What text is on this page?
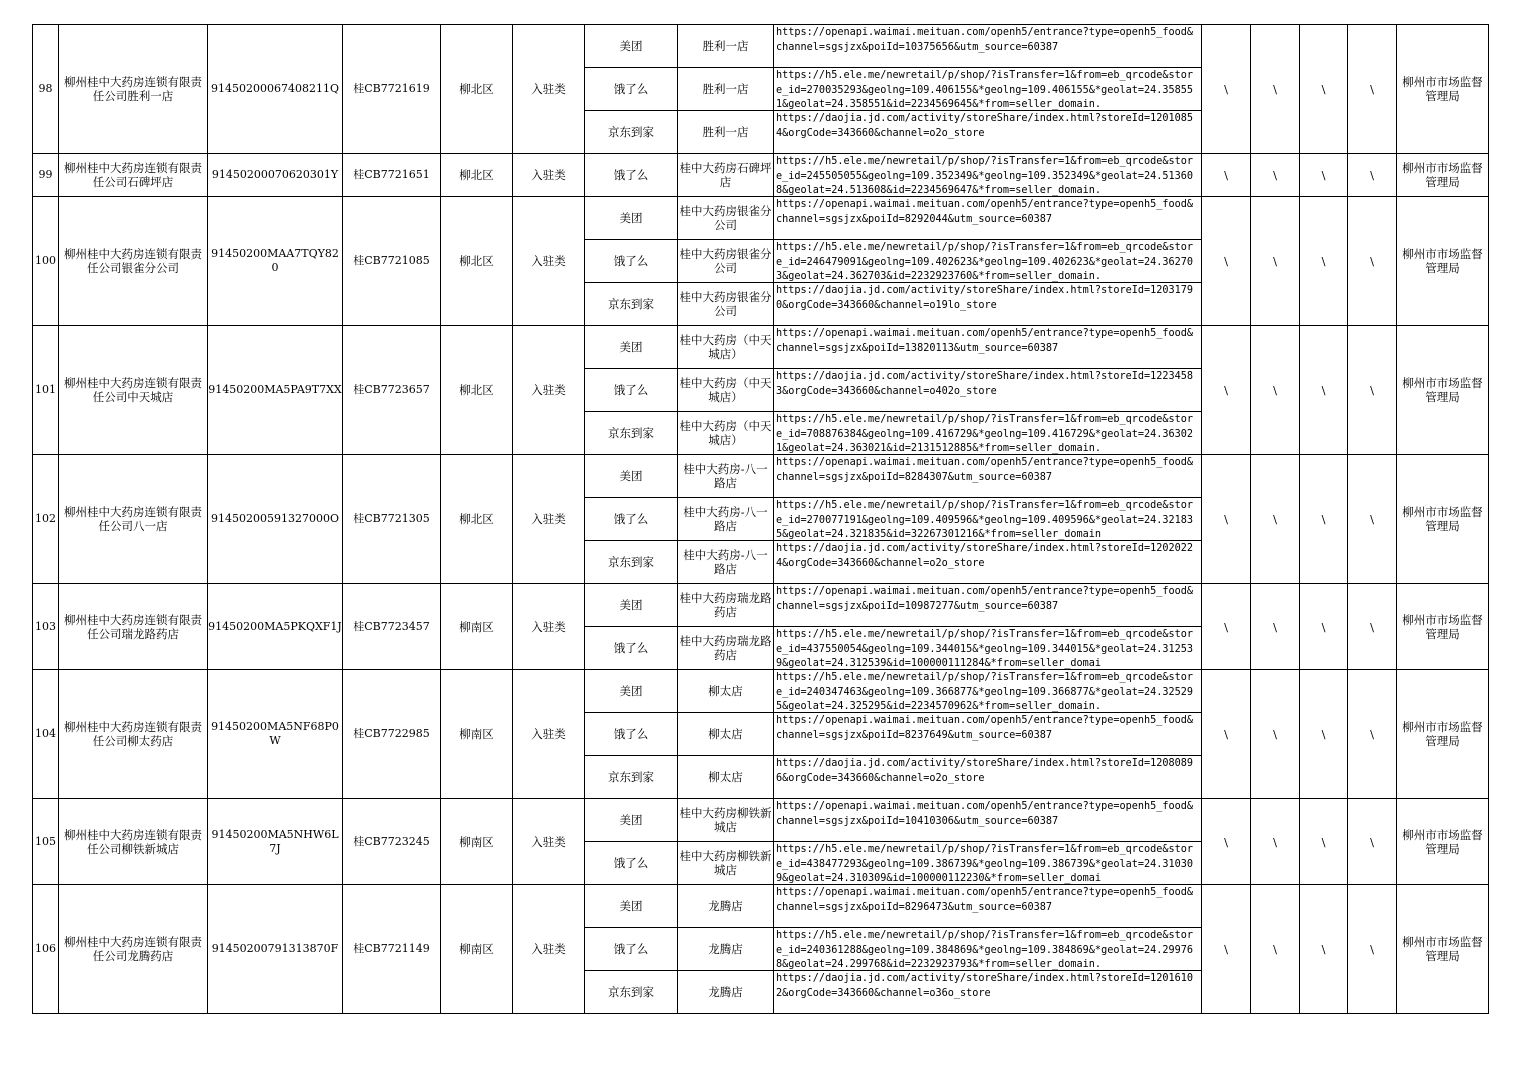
98	柳州桂中大药房连锁有限责任公司胜利一店	91450200067408211Q	桂CB7721619	柳北区	入驻类	美团	胜利一店	https://openapi.waimai.meituan.com/openh5/entrance?type=openh5_food&channel=sgsjzx&poiId=10375656&utm_source=60387	\	\	\	\	柳州市市场监督管理局
						饿了么	胜利一店	https://h5.ele.me/newretail/p/shop/?isTransfer=1&from=eb_qrcode&store_id=270035293&geolng=109.406155&*geolng=109.406155&*geolat=24.358551&geolat=24.358551&id=2234569645&*from=seller_domain.					

						京东到家	胜利一店	https://daojia.jd.com/activity/storeShare/index.html?storeId=12010854&orgCode=343660&channel=o2o_store					

99	柳州桂中大药房连锁有限责任公司石碑坪店	91450200070620301Y	桂CB7721651	柳北区	入驻类	饿了么	桂中大药房石碑坪店	https://h5.ele.me/newretail/p/shop/?isTransfer=1&from=eb_qrcode&store_id=245505055&geolng=109.352349&*geolng=109.352349&*geolat=24.513608&geolat=24.513608&id=2234569647&*from=seller_domain.	\	\	\	\	柳州市市场监督管理局
100	柳州桂中大药房连锁有限责任公司银雀分公司	91450200MAA7TQY820	桂CB7721085	柳北区	入驻类	美团	桂中大药房银雀分公司	https://openapi.waimai.meituan.com/openh5/entrance?type=openh5_food&channel=sgsjzx&poiId=8292044&utm_source=60387	\	\	\	\	柳州市市场监督管理局
						饿了么	桂中大药房银雀分公司	https://h5.ele.me/newretail/p/shop/?isTransfer=1&from=eb_qrcode&store_id=246479091&geolng=109.402623&*geolng=109.402623&*geolat=24.362703&geolat=24.362703&id=2232923760&*from=seller_domain.					

						京东到家	桂中大药房银雀分公司	https://daojia.jd.com/activity/storeShare/index.html?storeId=12031790&orgCode=343660&channel=o19lo_store					

101	柳州桂中大药房连锁有限责任公司中天城店	91450200MA5PA9T7XX	桂CB7723657	柳北区	入驻类	美团	桂中大药房（中天城店）	https://openapi.waimai.meituan.com/openh5/entrance?type=openh5_food&channel=sgsjzx&poiId=13820113&utm_source=60387	\	\	\	\	柳州市市场监督管理局
						饿了么	桂中大药房（中天城店）	https://daojia.jd.com/activity/storeShare/index.html?storeId=12234583&orgCode=343660&channel=o402o_store					

						京东到家	桂中大药房（中天城店）	https://h5.ele.me/newretail/p/shop/?isTransfer=1&from=eb_qrcode&store_id=708876384&geolng=109.416729&*geolng=109.416729&*geolat=24.363021&geolat=24.363021&id=2131512885&*from=seller_domain.					

102	柳州桂中大药房连锁有限责任公司八一店	91450200591327000O	桂CB7721305	柳北区	入驻类	美团	桂中大药房-八一路店	https://openapi.waimai.meituan.com/openh5/entrance?type=openh5_food&channel=sgsjzx&poiId=8284307&utm_source=60387	\	\	\	\	柳州市市场监督管理局
						饿了么	桂中大药房-八一路店	https://h5.ele.me/newretail/p/shop/?isTransfer=1&from=eb_qrcode&store_id=270077191&geolng=109.409596&*geolng=109.409596&*geolat=24.321835&geolat=24.321835&id=32267301216&*from=seller_domain					

						京东到家	桂中大药房-八一路店	https://daojia.jd.com/activity/storeShare/index.html?storeId=12020224&orgCode=343660&channel=o2o_store					

103	柳州桂中大药房连锁有限责任公司瑞龙路药店	91450200MA5PKQXF1J	桂CB7723457	柳南区	入驻类	美团	桂中大药房瑞龙路药店	https://openapi.waimai.meituan.com/openh5/entrance?type=openh5_food&channel=sgsjzx&poiId=10987277&utm_source=60387	\	\	\	\	柳州市市场监督管理局
						饿了么	桂中大药房瑞龙路药店	https://h5.ele.me/newretail/p/shop/?isTransfer=1&from=eb_qrcode&store_id=437550054&geolng=109.344015&*geolng=109.344015&*geolat=24.312539&geolat=24.312539&id=100000111284&*from=seller_domai					

104	柳州桂中大药房连锁有限责任公司柳太药店	91450200MA5NF68P0W	桂CB7722985	柳南区	入驻类	美团	柳太店	https://h5.ele.me/newretail/p/shop/?isTransfer=1&from=eb_qrcode&store_id=240347463&geolng=109.366877&*geolng=109.366877&*geolat=24.325295&geolat=24.325295&id=2234570962&*from=seller_domain.	\	\	\	\	柳州市市场监督管理局
						饿了么	柳太店	https://openapi.waimai.meituan.com/openh5/entrance?type=openh5_food&channel=sgsjzx&poiId=8237649&utm_source=60387					

						京东到家	柳太店	https://daojia.jd.com/activity/storeShare/index.html?storeId=12080896&orgCode=343660&channel=o2o_store					

105	柳州桂中大药房连锁有限责任公司柳铁新城店	91450200MA5NHW6L7J	桂CB7723245	柳南区	入驻类	美团	桂中大药房柳铁新城店	https://openapi.waimai.meituan.com/openh5/entrance?type=openh5_food&channel=sgsjzx&poiId=10410306&utm_source=60387	\	\	\	\	柳州市市场监督管理局
						饿了么	桂中大药房柳铁新城店	https://h5.ele.me/newretail/p/shop/?isTransfer=1&from=eb_qrcode&store_id=438477293&geolng=109.386739&*geolng=109.386739&*geolat=24.310309&geolat=24.310309&id=100000112230&*from=seller_domai					

106	柳州桂中大药房连锁有限责任公司龙腾药店	91450200791313870F	桂CB7721149	柳南区	入驻类	美团	龙腾店	https://openapi.waimai.meituan.com/openh5/entrance?type=openh5_food&channel=sgsjzx&poiId=8296473&utm_source=60387	\	\	\	\	柳州市市场监督管理局
						饿了么	龙腾店	https://h5.ele.me/newretail/p/shop/?isTransfer=1&from=eb_qrcode&store_id=240361288&geolng=109.384869&*geolng=109.384869&*geolat=24.299768&geolat=24.299768&id=2232923793&*from=seller_domain.					

						京东到家	龙腾店	https://daojia.jd.com/activity/storeShare/index.html?storeId=12016102&orgCode=343660&channel=o36o_store					
